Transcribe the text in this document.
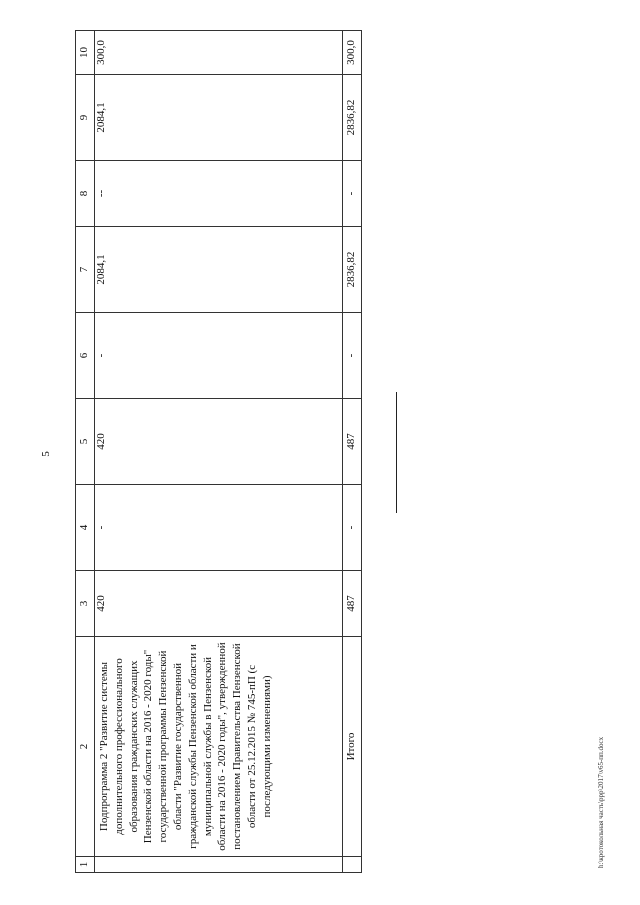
5
1	2	3	4	5	6	7	8	9	10
	Подпрограмма 2 "Развитие системы дополнительного профессионального образования гражданских служащих Пензенской области на 2016 - 2020 годы" государственной программы Пензенской области "Развитие государственной гражданской службы Пензенской области и муниципальной службы в Пензенской области на 2016 - 2020 годы", утвержденной постановлением Правительства Пензенской области от 25.12.2015 № 745-пП (с последующими изменениями)	420	-	420	-	2084,1	--	2084,1	300,0
	Итого	487	-	487	-	2836,82	-	2836,82	300,0
h:\кротокольная часть\ppp\2017\v65-пп.docx
